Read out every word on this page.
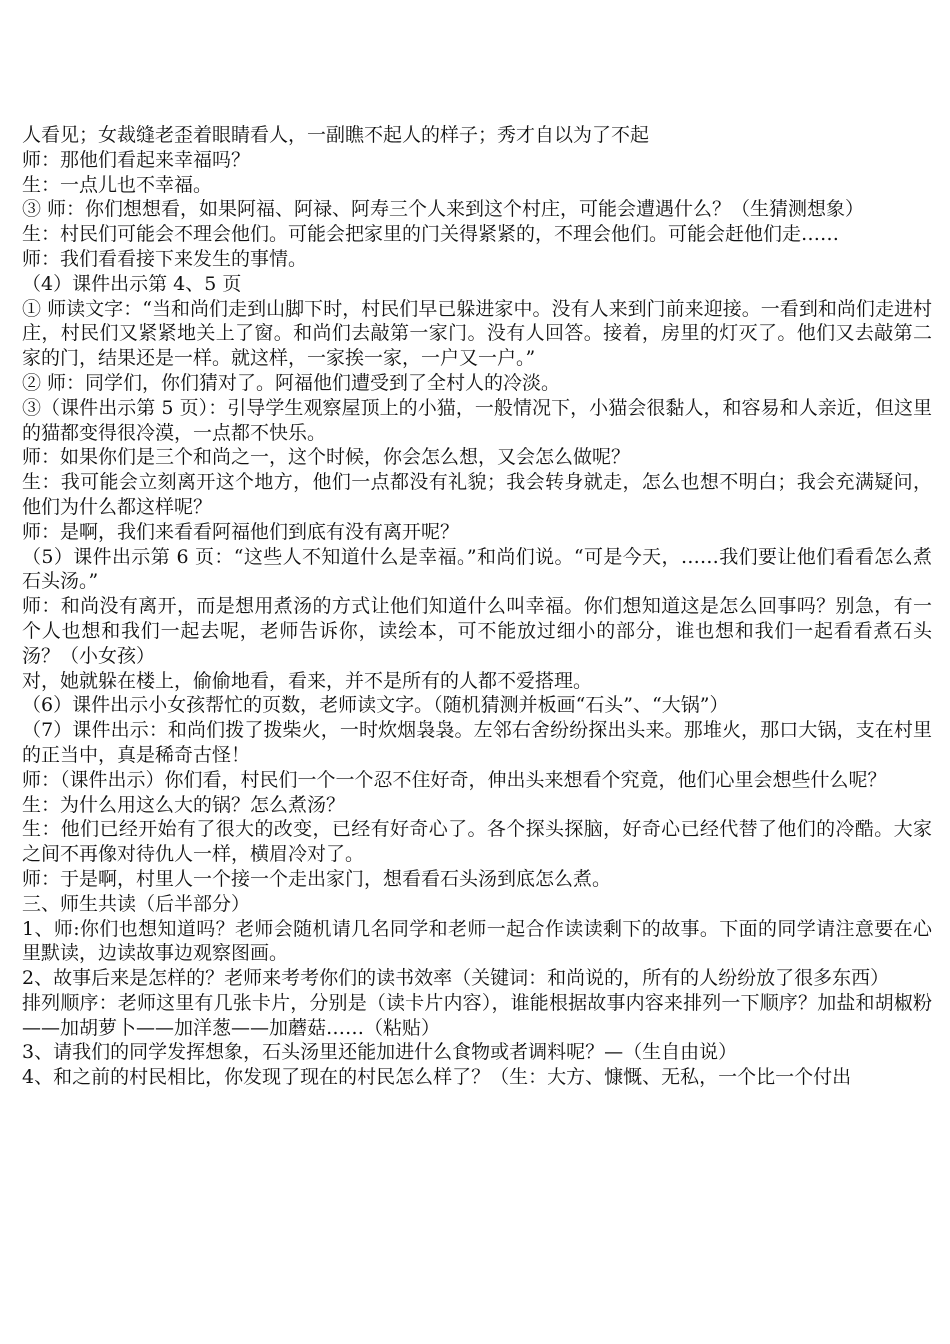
人看见；女裁缝老歪着眼睛看人，一副瞧不起人的样子；秀才自以为了不起

师：那他们看起来幸福吗？

生：一点儿也不幸福。

③ 师：你们想想看，如果阿福、阿禄、阿寿三个人来到这个村庄，可能会遭遇什么？（生猜测想象）

生：村民们可能会不理会他们。可能会把家里的门关得紧紧的，不理会他们。可能会赶他们走……

师：我们看看接下来发生的事情。

（4）课件出示第 4、5 页

① 师读文字：“当和尚们走到山脚下时，村民们早已躲进家中。没有人来到门前来迎接。一看到和尚们走进村庄，村民们又紧紧地关上了窗。和尚们去敲第一家门。没有人回答。接着，房里的灯灭了。他们又去敲第二家的门，结果还是一样。就这样，一家挨一家，一户又一户。”

② 师：同学们，你们猜对了。阿福他们遭受到了全村人的冷淡。

③（课件出示第 5 页）：引导学生观察屋顶上的小猫，一般情况下，小猫会很黏人，和容易和人亲近，但这里的猫都变得很冷漠，一点都不快乐。

师：如果你们是三个和尚之一，这个时候，你会怎么想，又会怎么做呢？

生：我可能会立刻离开这个地方，他们一点都没有礼貌；我会转身就走，怎么也想不明白；我会充满疑问，他们为什么都这样呢？

师：是啊，我们来看看阿福他们到底有没有离开呢？

（5）课件出示第 6 页：“这些人不知道什么是幸福。”和尚们说。“可是今天，……我们要让他们看看怎么煮石头汤。”

师：和尚没有离开，而是想用煮汤的方式让他们知道什么叫幸福。你们想知道这是怎么回事吗？别急，有一个人也想和我们一起去呢，老师告诉你，读绘本，可不能放过细小的部分，谁也想和我们一起看看煮石头汤？（小女孩）

对，她就躲在楼上，偷偷地看，看来，并不是所有的人都不爱搭理。

（6）课件出示小女孩帮忙的页数，老师读文字。（随机猜测并板画“石头”、“大锅”）

（7）课件出示：和尚们拨了拨柴火，一时炊烟袅袅。左邻右舍纷纷探出头来。那堆火，那口大锅，支在村里的正当中，真是稀奇古怪！

师：（课件出示）你们看，村民们一个一个忍不住好奇，伸出头来想看个究竟，他们心里会想些什么呢？

生：为什么用这么大的锅？怎么煮汤？

生：他们已经开始有了很大的改变，已经有好奇心了。各个探头探脑，好奇心已经代替了他们的冷酷。大家之间不再像对待仇人一样，横眉冷对了。

师：于是啊，村里人一个接一个走出家门，想看看石头汤到底怎么煮。

三、师生共读（后半部分）

1、师:你们也想知道吗？老师会随机请几名同学和老师一起合作读读剩下的故事。下面的同学请注意要在心里默读，边读故事边观察图画。

2、故事后来是怎样的？老师来考考你们的读书效率（关键词：和尚说的，所有的人纷纷放了很多东西）

排列顺序：老师这里有几张卡片，分别是（读卡片内容），谁能根据故事内容来排列一下顺序？加盐和胡椒粉——加胡萝卜——加洋葱——加蘑菇……（粘贴）

3、请我们的同学发挥想象，石头汤里还能加进什么食物或者调料呢？—（生自由说）

4、和之前的村民相比，你发现了现在的村民怎么样了？（生：大方、慷慨、无私，一个比一个付出
